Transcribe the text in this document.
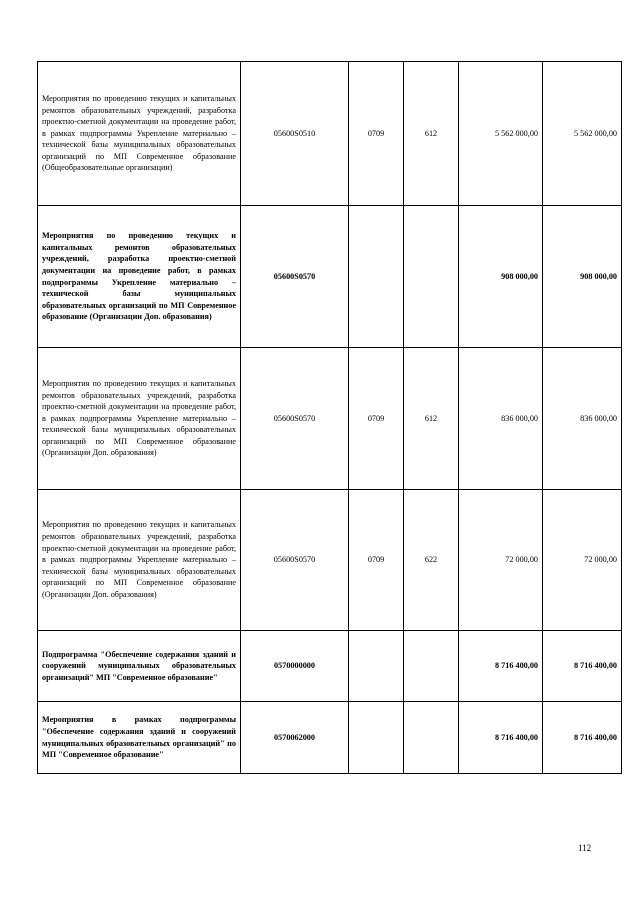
Мероприятия по проведению текущих и капитальных ремонтов образовательных учреждений, разработка проектно-сметной документации на проведение работ, в рамках подпрограммы Укрепление материально – технической базы муниципальных образовательных организаций по МП Современное образование (Общеобразовательные организации)	05600S0510	0709	612	5 562 000,00	5 562 000,00
Мероприятия по проведению текущих и капитальных ремонтов образовательных учреждений, разработка проектно-сметной документации на проведение работ, в рамках подпрограммы Укрепление материально – технической базы муниципальных образовательных организаций по МП Современное образование (Организации Доп. образования)	05600S0570			908 000,00	908 000,00
Мероприятия по проведению текущих и капитальных ремонтов образовательных учреждений, разработка проектно-сметной документации на проведение работ, в рамках подпрограммы Укрепление материально – технической базы муниципальных образовательных организаций по МП Современное образование (Организации Доп. образования)	05600S0570	0709	612	836 000,00	836 000,00
Мероприятия по проведению текущих и капитальных ремонтов образовательных учреждений, разработка проектно-сметной документации на проведение работ, в рамках подпрограммы Укрепление материально – технической базы муниципальных образовательных организаций по МП Современное образование (Организации Доп. образования)	05600S0570	0709	622	72 000,00	72 000,00
Подпрограмма "Обеспечение содержания зданий и сооружений муниципальных образовательных организаций" МП "Современное образование"	0570000000			8 716 400,00	8 716 400,00
Мероприятия в рамках подпрограммы "Обеспечение содержания зданий и сооружений муниципальных образовательных организаций" по МП "Современное образование"	0570062000			8 716 400,00	8 716 400,00
112
